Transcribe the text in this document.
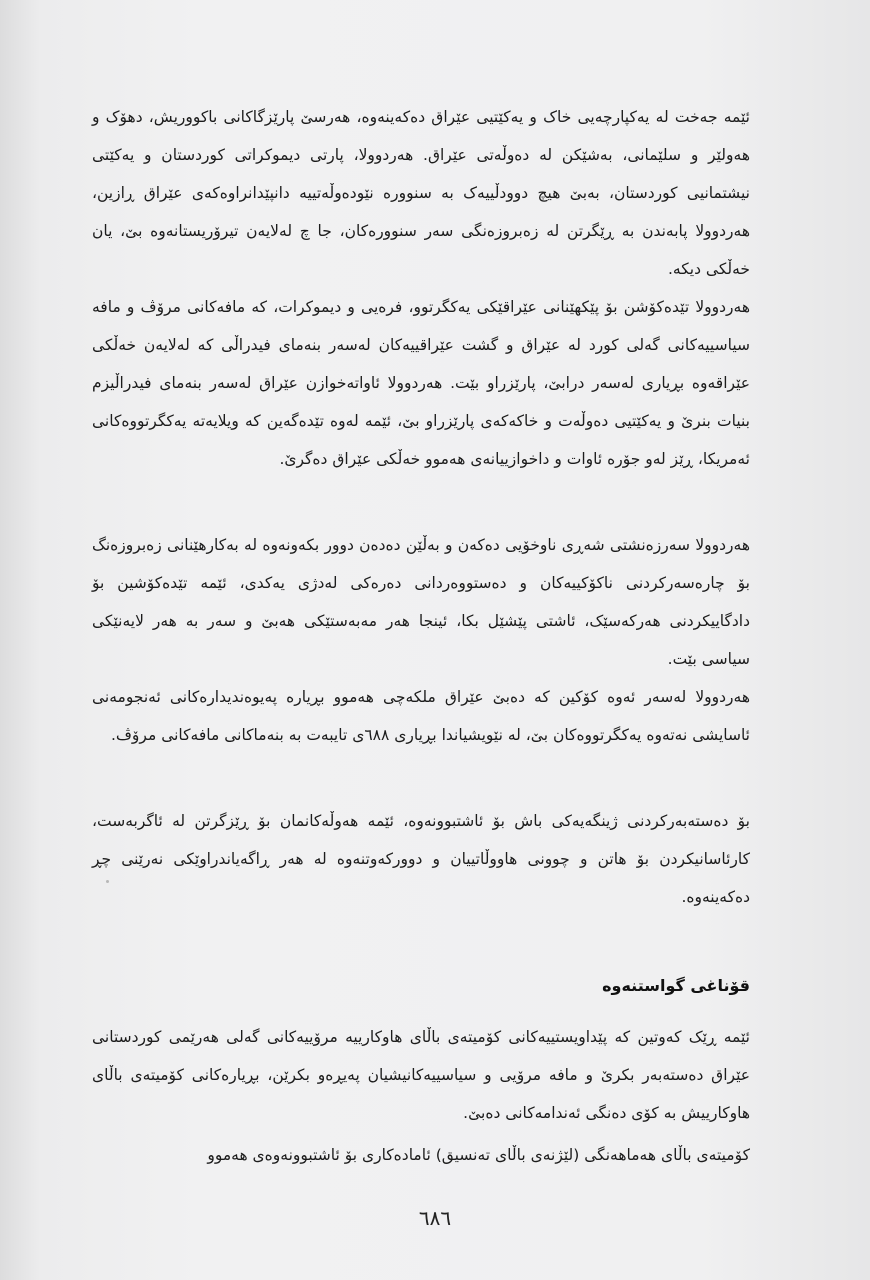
ئێمە جەخت لە یەکپارچەیی خاک و یەکێتیی عێراق دەکەینەوە، هەرسێ پارێزگاکانی باکووریش، دهۆک و هەولێر و سلێمانی، بەشێکن لە دەوڵەتی عێراق. هەردوولا، پارتی دیموکراتی کوردستان و یەکێتی نیشتمانیی کوردستان، بەبێ هیچ دوودڵییەک بە سنووره نێودەوڵەتییە دانپێدانراوەکەی عێراق ڕازین، هەردوولا پابەندن بە ڕێگرتن لە زەبروزەنگی سەر سنوورەکان، جا چ لەلایەن تیرۆریستانەوە بێ، یان خەڵکی دیکە.

هەردوولا تێدەکۆشن بۆ پێکهێنانی عێراقێکی یەکگرتوو، فرەیی و دیموکرات، کە مافەکانی مرۆڤ و مافە سیاسییەکانی گەلی کورد لە عێراق و گشت عێراقییەکان لەسەر بنەمای فیدراڵی کە لەلایەن خەڵکی عێراقەوە بڕیاری لەسەر درابێ، پارێزراو بێت. هەردوولا ئاواتەخوازن عێراق لەسەر بنەمای فیدراڵیزم بنیات بنرێ و یەکێتیی دەوڵەت و خاکەکەی پارێزراو بێ، ئێمە لەوە تێدەگەین کە ویلایەتە یەکگرتووەکانی ئەمریکا، ڕێز لەو جۆرە ئاوات و داخوازییانەی هەموو خەڵکی عێراق دەگرێ.

هەردوولا سەرزەنشتی شەڕی ناوخۆیی دەکەن و بەڵێن دەدەن دوور بکەونەوە لە بەکارهێنانی زەبروزەنگ بۆ چارەسەرکردنی ناکۆکییەکان و دەستووەردانی دەرەکی لەدژی یەکدی، ئێمە تێدەکۆشین بۆ دادگاییکردنی هەرکەسێک، ئاشتی پێشێل بکا، ئینجا هەر مەبەستێکی هەبێ و سەر بە هەر لایەنێکی سیاسی بێت.

هەردوولا لەسەر ئەوە کۆکین کە دەبێ عێراق ملکەچی هەموو بڕیارە پەیوەندیدارەکانی ئەنجومەنی ئاسایشی نەتەوە یەکگرتووەکان بێ، لە نێویشیاندا بڕیاری ٦٨٨ی تایبەت بە بنەماکانی مافەکانی مرۆڤ.

بۆ دەستەبەرکردنی ژینگەیەکی باش بۆ ئاشتبوونەوە، ئێمە هەوڵەکانمان بۆ ڕێزگرتن لە ئاگربەست، کارئاسانیکردن بۆ هاتن و چوونی هاووڵاتییان و دوورکەوتنەوە لە هەر ڕاگەیاندراوێکی نەرێنی چڕ دەکەینەوە.

قۆناغی گواستنەوە

ئێمە ڕێک کەوتین کە پێداویستییەکانی کۆمیتەی باڵای هاوکارییە مرۆییەکانی گەلی هەرێمی کوردستانی عێراق دەستەبەر بکرێ و مافە مرۆیی و سیاسییەکانیشیان پەیڕەو بکرێن، بڕیارەکانی کۆمیتەی باڵای هاوکارییش بە کۆی دەنگی ئەندامەکانی دەبێ.

کۆمیتەی باڵای هەماهەنگی (لێژنەی باڵای تەنسیق) ئامادەکاری بۆ ئاشتبوونەوەی هەموو

٦٨٦
